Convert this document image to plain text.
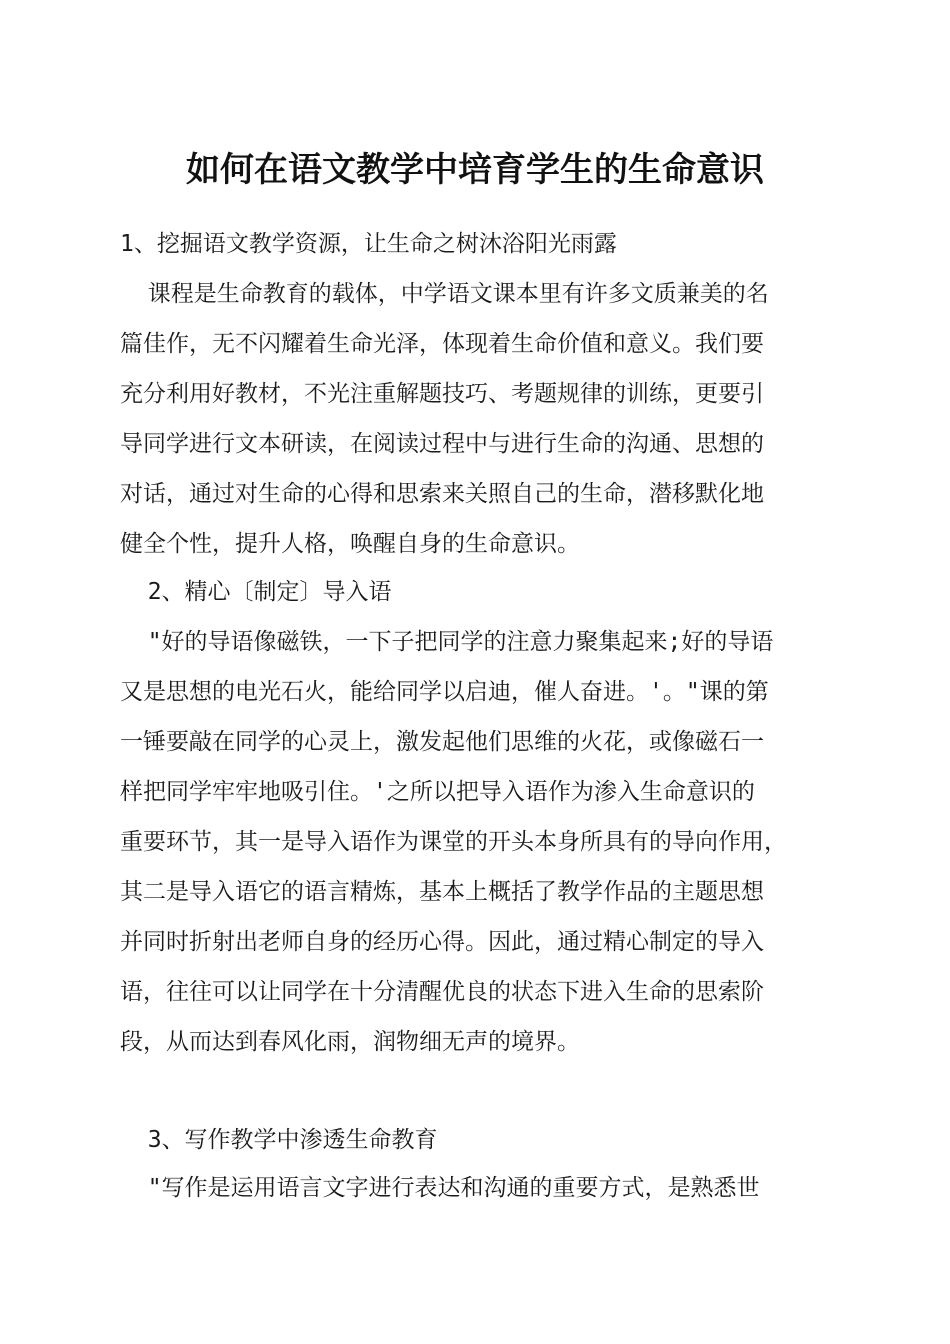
如何在语文教学中培育学生的生命意识
1、挖掘语文教学资源，让生命之树沐浴阳光雨露
课程是生命教育的载体，中学语文课本里有许多文质兼美的名
篇佳作，无不闪耀着生命光泽，体现着生命价值和意义。我们要
充分利用好教材，不光注重解题技巧、考题规律的训练，更要引
导同学进行文本研读，在阅读过程中与进行生命的沟通、思想的
对话，通过对生命的心得和思索来关照自己的生命，潜移默化地
健全个性，提升人格，唤醒自身的生命意识。
2、精心〔制定〕导入语
"好的导语像磁铁，一下子把同学的注意力聚集起来;好的导语
又是思想的电光石火，能给同学以启迪，催人奋进。'。"课的第
一锤要敲在同学的心灵上，激发起他们思维的火花，或像磁石一
样把同学牢牢地吸引住。'之所以把导入语作为渗入生命意识的
重要环节，其一是导入语作为课堂的开头本身所具有的导向作用，
其二是导入语它的语言精炼，基本上概括了教学作品的主题思想
并同时折射出老师自身的经历心得。因此，通过精心制定的导入
语，往往可以让同学在十分清醒优良的状态下进入生命的思索阶
段，从而达到春风化雨，润物细无声的境界。
3、写作教学中渗透生命教育
"写作是运用语言文字进行表达和沟通的重要方式，是熟悉世
